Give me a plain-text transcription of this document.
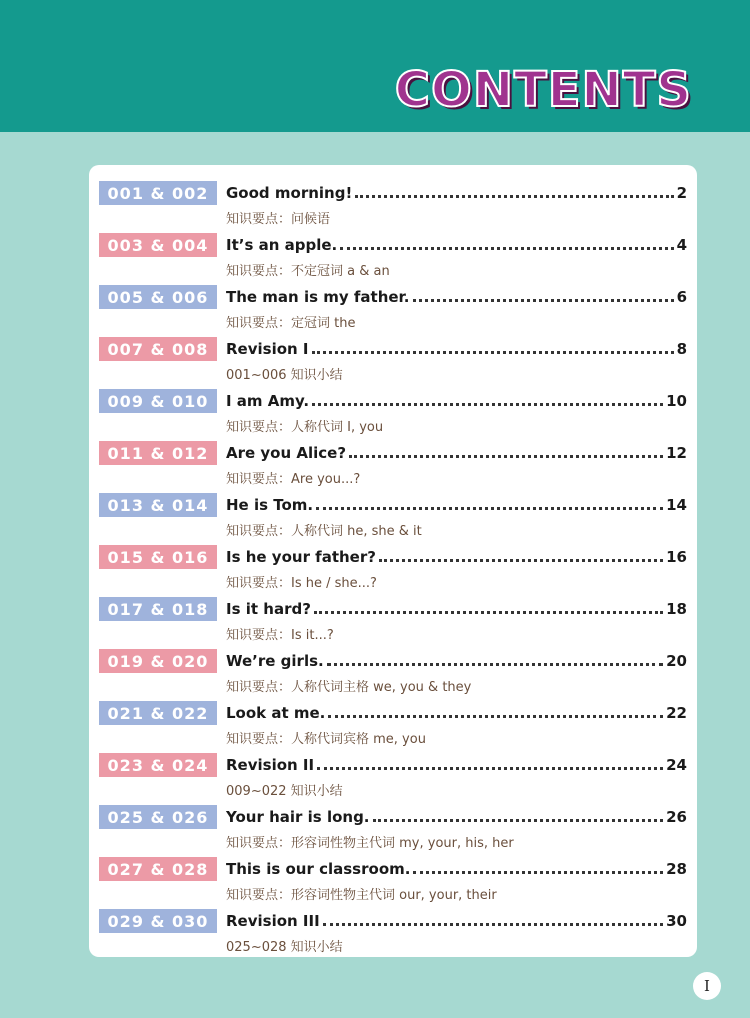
CONTENTS
001 & 002	Good morning!	2
知识要点：问候语
003 & 004	It’s an apple.	4
知识要点：不定冠词 a & an
005 & 006	The man is my father.	6
知识要点：定冠词 the
007 & 008	Revision I	8
001~006 知识小结
009 & 010	I am Amy.	10
知识要点：人称代词 I, you
011 & 012	Are you Alice?	12
知识要点：Are you...?
013 & 014	He is Tom.	14
知识要点：人称代词 he, she & it
015 & 016	Is he your father?	16
知识要点：Is he / she...?
017 & 018	Is it hard?	18
知识要点：Is it...?
019 & 020	We’re girls.	20
知识要点：人称代词主格 we, you & they
021 & 022	Look at me.	22
知识要点：人称代词宾格 me, you
023 & 024	Revision II	24
009~022 知识小结
025 & 026	Your hair is long.	26
知识要点：形容词性物主代词 my, your, his, her
027 & 028	This is our classroom.	28
知识要点：形容词性物主代词 our, your, their
029 & 030	Revision III	30
025~028 知识小结
I
